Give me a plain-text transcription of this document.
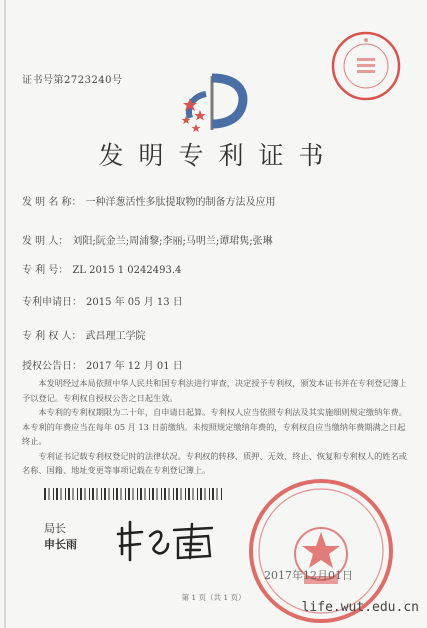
证书号第2723240号
发明专利证书
发 明 名 称： 一种洋葱活性多肽提取物的制备方法及应用
发 明 人： 刘阳;阮金兰;周浦黎;李丽;马明兰;谭珺隽;张琳
专 利 号： ZL 2015 1 0242493.4
专利申请日： 2015 年 05 月 13 日
专 利 权 人： 武昌理工学院
授权公告日： 2017 年 12 月 01 日

本发明经过本局依照中华人民共和国专利法进行审查，决定授予专利权，颁发本证书并在专利登记簿上予以登记。专利权自授权公告之日起生效。

本专利的专利权期限为二十年，自申请日起算。专利权人应当依照专利法及其实施细则规定缴纳年费。本专利的年费应当在每年 05 月 13 日前缴纳。未按照规定缴纳年费的，专利权自应当缴纳年费期满之日起终止。

专利证书记载专利权登记时的法律状况。专利权的转移、质押、无效、终止、恢复和专利权人的姓名或名称、国籍、地址变更等事项记载在专利登记簿上。

局长
申长雨
2017年12月01日
第 1 页（共 1 页）
life.wut.edu.cn
